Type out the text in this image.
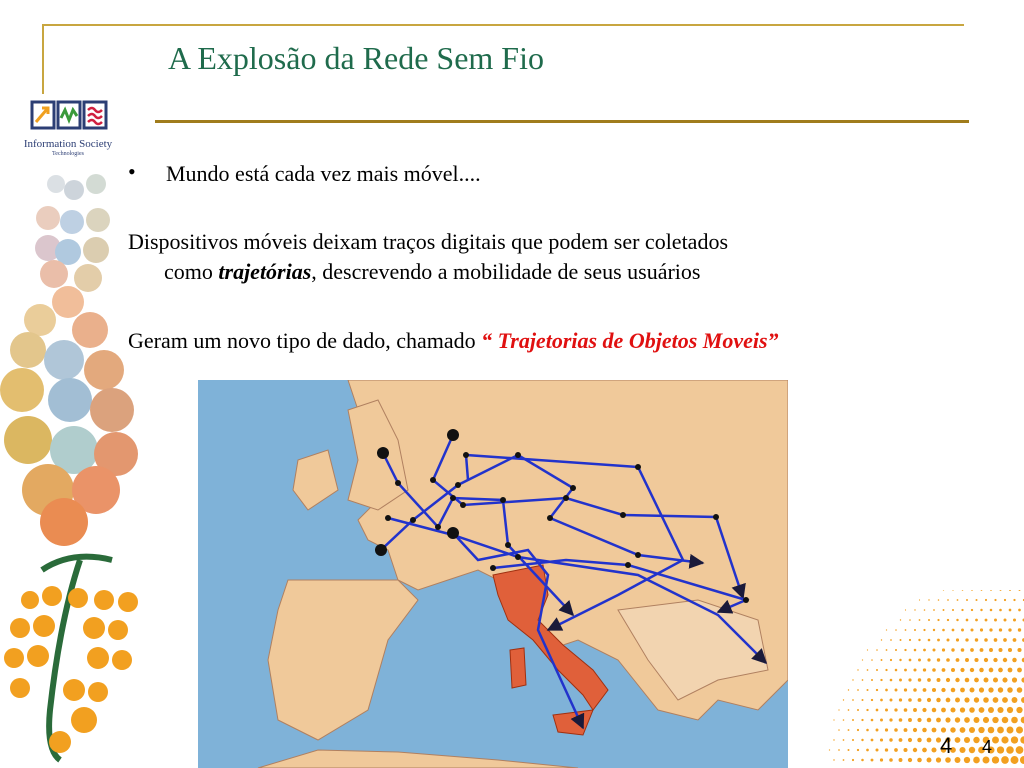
Information Society
Technologies
A Explosão da Rede Sem Fio
• Mundo está cada vez mais móvel....
Dispositivos móveis deixam traços digitais que podem ser coletados
como trajetórias, descrevendo a mobilidade de seus usuários
Geram um novo tipo de dado, chamado “ Trajetorias de Objetos Moveis”
4 4
